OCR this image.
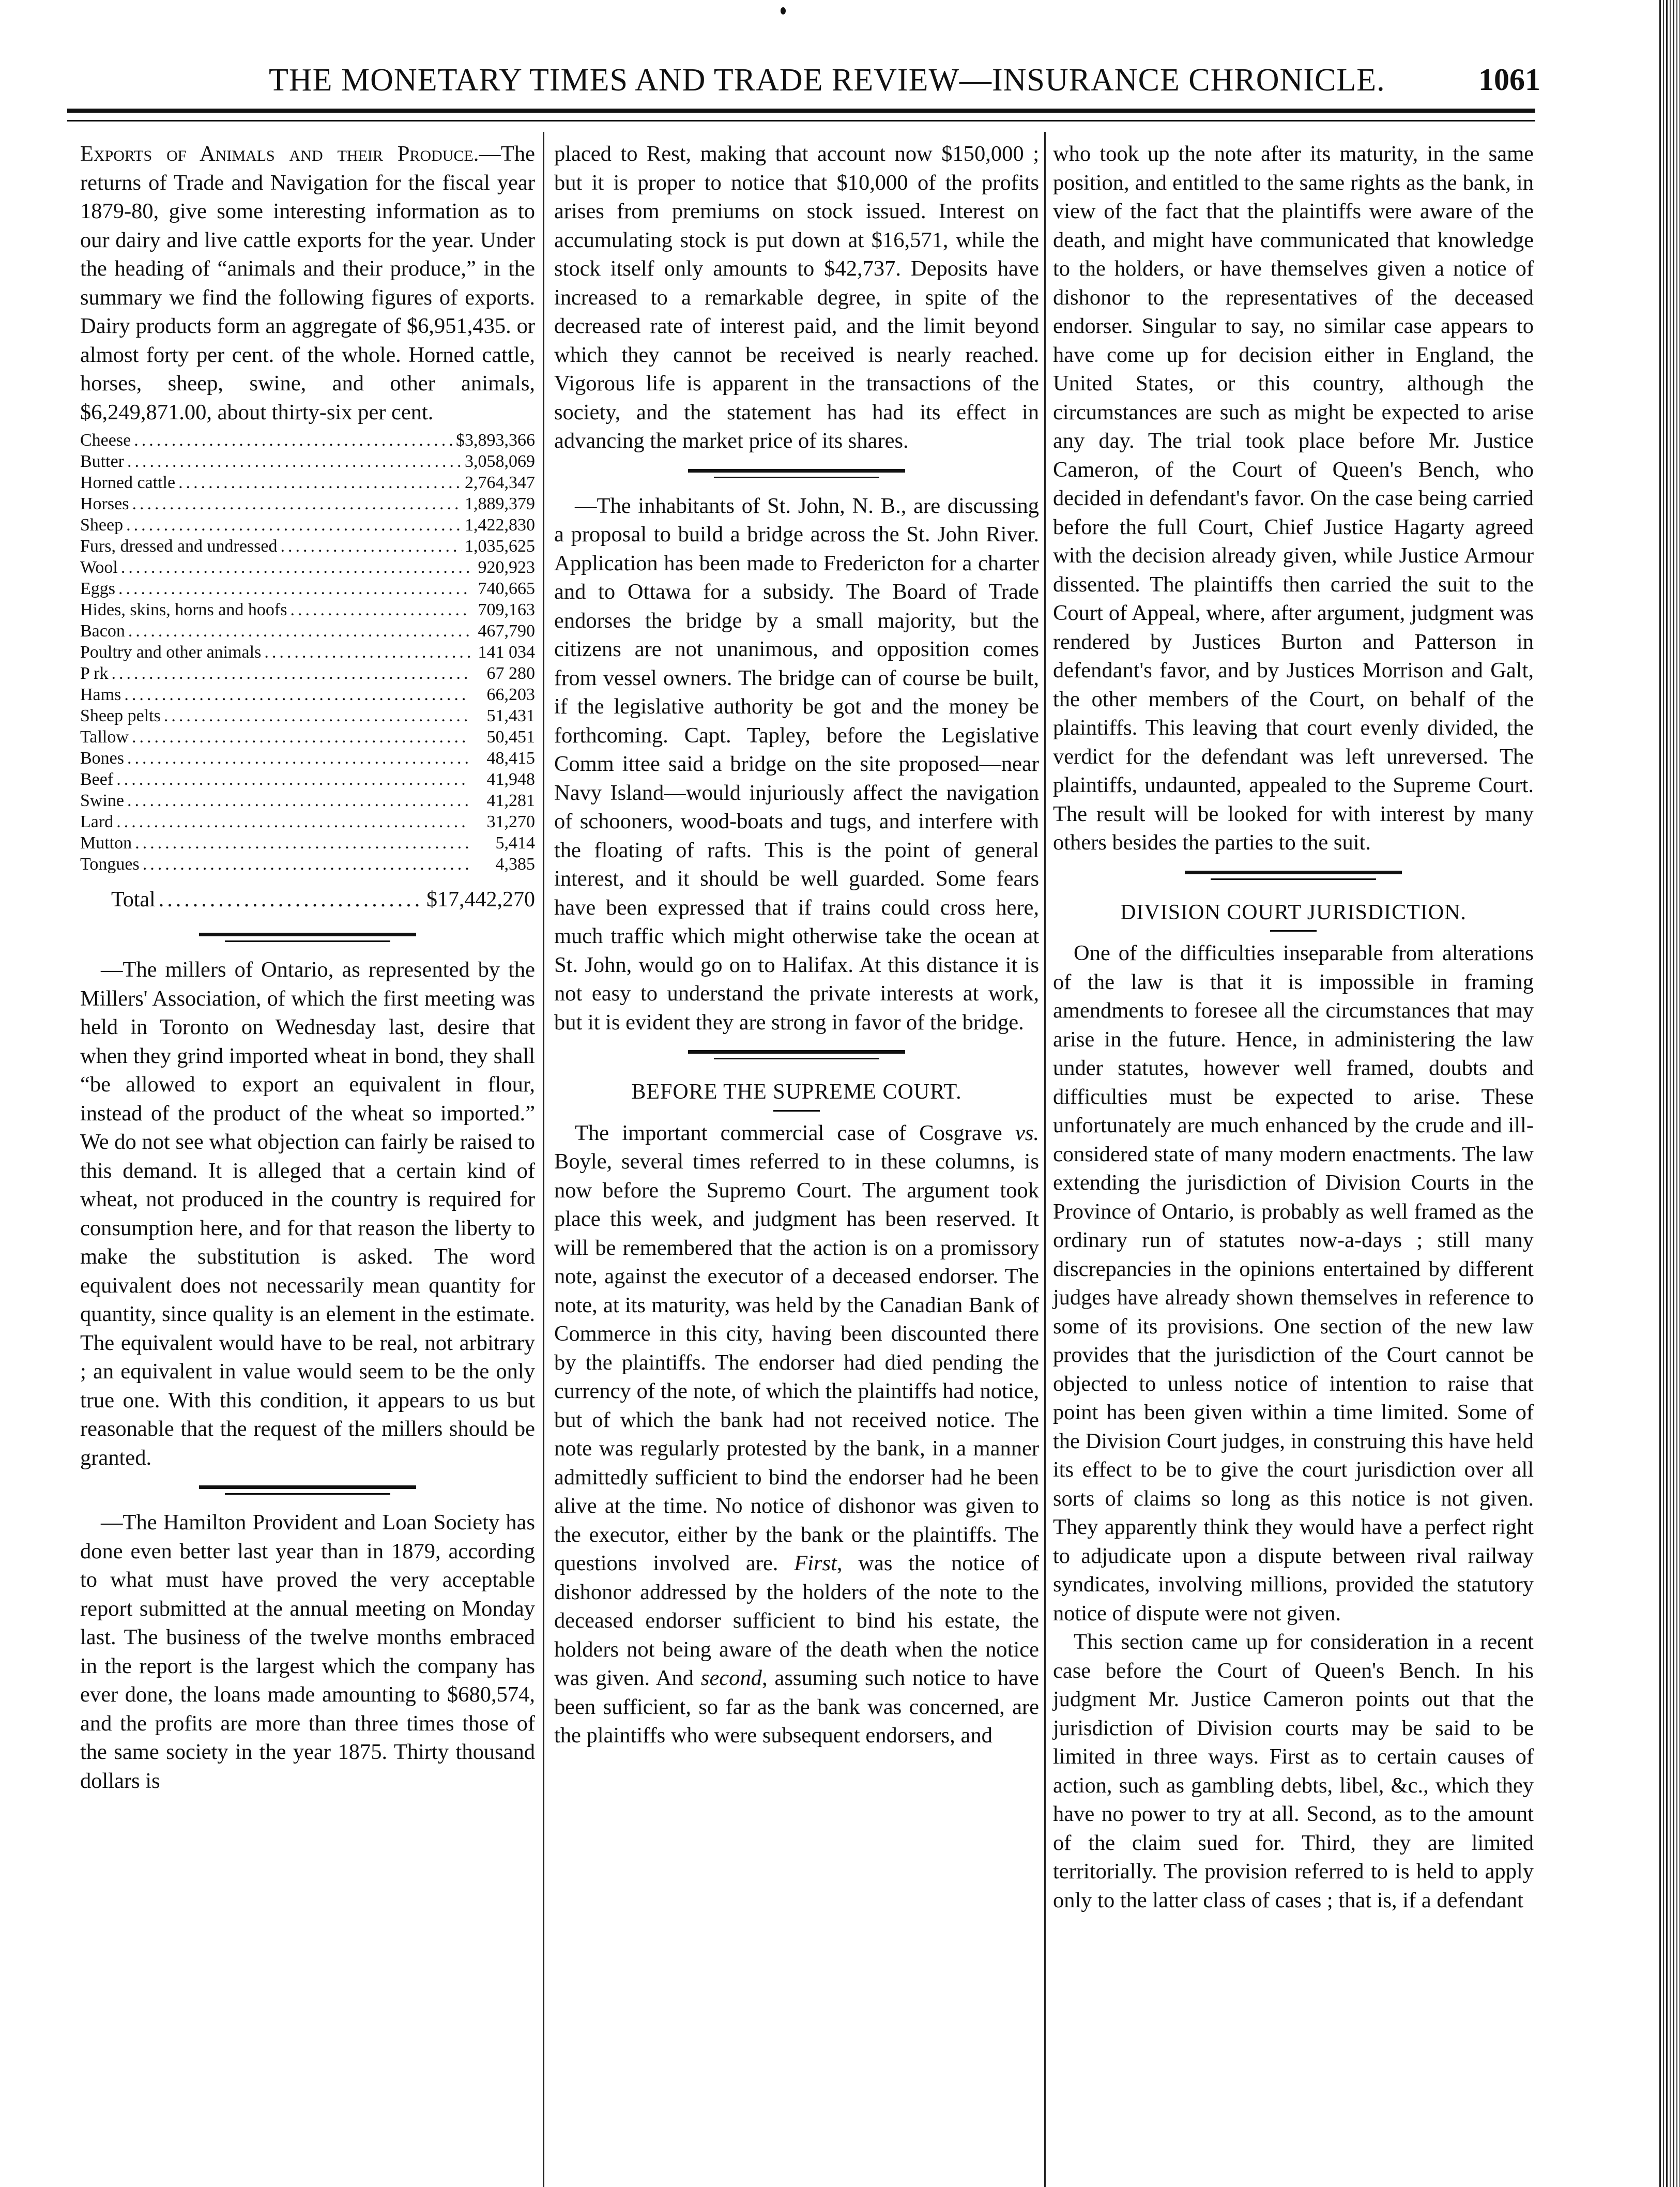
THE MONETARY TIMES AND TRADE REVIEW—INSURANCE CHRONICLE.	1061

Exports of Animals and their Produce.—The returns of Trade and Navigation for the fiscal year 1879-80, give some interesting information as to our dairy and live cattle exports for the year. Under the heading of “animals and their produce,” in the summary we find the following figures of exports. Dairy products form an aggregate of $6,951,435. or almost forty per cent. of the whole. Horned cattle, horses, sheep, swine, and other animals, $6,249,871.00, about thirty-six per cent.

Cheese .....	$3,893,366
Butter .....	3,058,069
Horned cattle .....	2,764,347
Horses .....	1,889,379
Sheep .....	1,422,830
Furs, dressed and undressed .....	1,035,625
Wool .....	920,923
Eggs .....	740,665
Hides, skins, horns and hoofs .....	709,163
Bacon .....	467,790
Poultry and other animals .....	141 034
P rk .....	67 280
Hams .....	66,203
Sheep pelts .....	51,431
Tallow .....	50,451
Bones .....	48,415
Beef .....	41,948
Swine .....	41,281
Lard .....	31,270
Mutton .....	5,414
Tongues .....	4,385
Total .....	$17,442,270

—The millers of Ontario, as represented by the Millers' Association, of which the first meeting was held in Toronto on Wednesday last, desire that when they grind imported wheat in bond, they shall “be allowed to export an equivalent in flour, instead of the product of the wheat so imported.” We do not see what objection can fairly be raised to this demand. It is alleged that a certain kind of wheat, not produced in the country is required for consumption here, and for that reason the liberty to make the substitution is asked. The word equivalent does not necessarily mean quantity for quantity, since quality is an element in the estimate. The equivalent would have to be real, not arbitrary ; an equivalent in value would seem to be the only true one. With this condition, it appears to us but reasonable that the request of the millers should be granted.

—The Hamilton Provident and Loan Society has done even better last year than in 1879, according to what must have proved the very acceptable report submitted at the annual meeting on Monday last. The business of the twelve months embraced in the report is the largest which the company has ever done, the loans made amounting to $680,574, and the profits are more than three times those of the same society in the year 1875. Thirty thousand dollars is

placed to Rest, making that account now $150,000 ; but it is proper to notice that $10,000 of the profits arises from premiums on stock issued. Interest on accumulating stock is put down at $16,571, while the stock itself only amounts to $42,737. Deposits have increased to a remarkable degree, in spite of the decreased rate of interest paid, and the limit beyond which they cannot be received is nearly reached. Vigorous life is apparent in the transactions of the society, and the statement has had its effect in advancing the market price of its shares.

—The inhabitants of St. John, N. B., are discussing a proposal to build a bridge across the St. John River. Application has been made to Fredericton for a charter and to Ottawa for a subsidy. The Board of Trade endorses the bridge by a small majority, but the citizens are not unanimous, and opposition comes from vessel owners. The bridge can of course be built, if the legislative authority be got and the money be forthcoming. Capt. Tapley, before the Legislative Comm ittee said a bridge on the site proposed—near Navy Island—would injuriously affect the navigation of schooners, wood-boats and tugs, and interfere with the floating of rafts. This is the point of general interest, and it should be well guarded. Some fears have been expressed that if trains could cross here, much traffic which might otherwise take the ocean at St. John, would go on to Halifax. At this distance it is not easy to understand the private interests at work, but it is evident they are strong in favor of the bridge.

BEFORE THE SUPREME COURT.

The important commercial case of Cosgrave vs. Boyle, several times referred to in these columns, is now before the Supremo Court. The argument took place this week, and judgment has been reserved. It will be remembered that the action is on a promissory note, against the executor of a deceased endorser. The note, at its maturity, was held by the Canadian Bank of Commerce in this city, having been discounted there by the plaintiffs. The endorser had died pending the currency of the note, of which the plaintiffs had notice, but of which the bank had not received notice. The note was regularly protested by the bank, in a manner admittedly sufficient to bind the endorser had he been alive at the time. No notice of dishonor was given to the executor, either by the bank or the plaintiffs. The questions involved are. First, was the notice of dishonor addressed by the holders of the note to the deceased endorser sufficient to bind his estate, the holders not being aware of the death when the notice was given. And second, assuming such notice to have been sufficient, so far as the bank was concerned, are the plaintiffs who were subsequent endorsers, and

who took up the note after its maturity, in the same position, and entitled to the same rights as the bank, in view of the fact that the plaintiffs were aware of the death, and might have communicated that knowledge to the holders, or have themselves given a notice of dishonor to the representatives of the deceased endorser. Singular to say, no similar case appears to have come up for decision either in England, the United States, or this country, although the circumstances are such as might be expected to arise any day. The trial took place before Mr. Justice Cameron, of the Court of Queen's Bench, who decided in defendant's favor. On the case being carried before the full Court, Chief Justice Hagarty agreed with the decision already given, while Justice Armour dissented. The plaintiffs then carried the suit to the Court of Appeal, where, after argument, judgment was rendered by Justices Burton and Patterson in defendant's favor, and by Justices Morrison and Galt, the other members of the Court, on behalf of the plaintiffs. This leaving that court evenly divided, the verdict for the defendant was left unreversed. The plaintiffs, undaunted, appealed to the Supreme Court. The result will be looked for with interest by many others besides the parties to the suit.

DIVISION COURT JURISDICTION.

One of the difficulties inseparable from alterations of the law is that it is impossible in framing amendments to foresee all the circumstances that may arise in the future. Hence, in administering the law under statutes, however well framed, doubts and difficulties must be expected to arise. These unfortunately are much enhanced by the crude and ill-considered state of many modern enactments. The law extending the jurisdiction of Division Courts in the Province of Ontario, is probably as well framed as the ordinary run of statutes now-a-days ; still many discrepancies in the opinions entertained by different judges have already shown themselves in reference to some of its provisions. One section of the new law provides that the jurisdiction of the Court cannot be objected to unless notice of intention to raise that point has been given within a time limited. Some of the Division Court judges, in construing this have held its effect to be to give the court jurisdiction over all sorts of claims so long as this notice is not given. They apparently think they would have a perfect right to adjudicate upon a dispute between rival railway syndicates, involving millions, provided the statutory notice of dispute were not given.

This section came up for consideration in a recent case before the Court of Queen's Bench. In his judgment Mr. Justice Cameron points out that the jurisdiction of Division courts may be said to be limited in three ways. First as to certain causes of action, such as gambling debts, libel, &c., which they have no power to try at all. Second, as to the amount of the claim sued for. Third, they are limited territorially. The provision referred to is held to apply only to the latter class of cases ; that is, if a defendant
